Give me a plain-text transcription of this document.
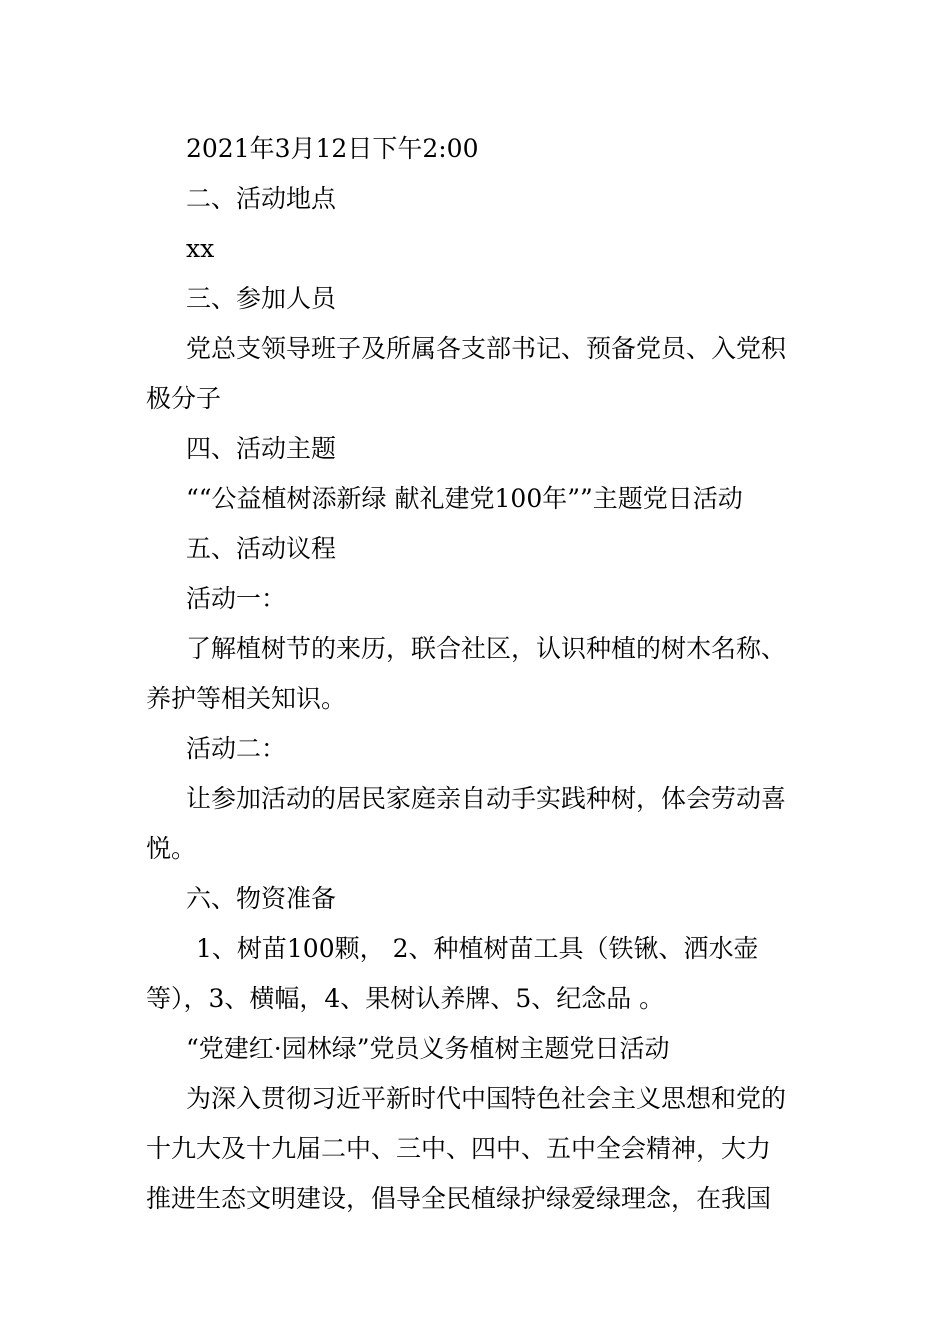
2021年3月12日下午2:00
二、活动地点
xx
三、参加人员
党总支领导班子及所属各支部书记、预备党员、入党积
极分子
四、活动主题
““公益植树添新绿 献礼建党100年””主题党日活动
五、活动议程
活动一：
了解植树节的来历，联合社区，认识种植的树木名称、
养护等相关知识。
活动二：
让参加活动的居民家庭亲自动手实践种树，体会劳动喜
悦。
六、物资准备
1、树苗100颗， 2、种植树苗工具（铁锹、洒水壶
等），3、横幅，4、果树认养牌、5、纪念品 。
“党建红·园林绿”党员义务植树主题党日活动
为深入贯彻习近平新时代中国特色社会主义思想和党的
十九大及十九届二中、三中、四中、五中全会精神，大力
推进生态文明建设，倡导全民植绿护绿爱绿理念，在我国
